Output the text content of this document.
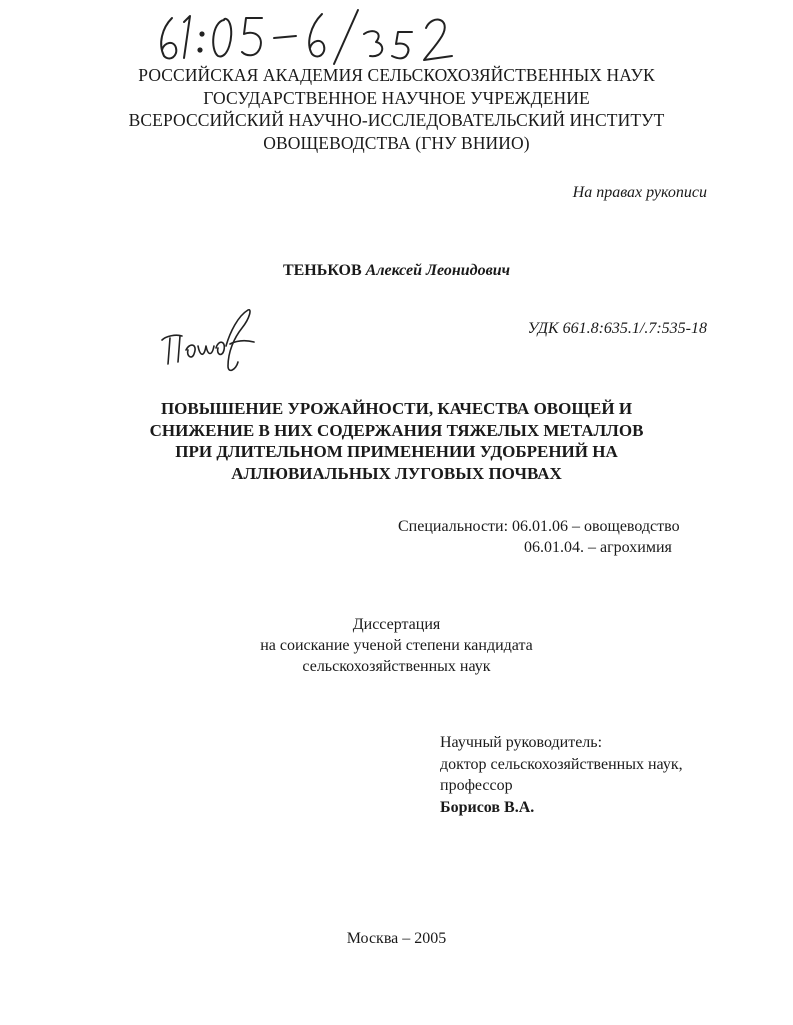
РОССИЙСКАЯ АКАДЕМИЯ СЕЛЬСКОХОЗЯЙСТВЕННЫХ НАУК
ГОСУДАРСТВЕННОЕ НАУЧНОЕ УЧРЕЖДЕНИЕ
ВСЕРОССИЙСКИЙ НАУЧНО-ИССЛЕДОВАТЕЛЬСКИЙ ИНСТИТУТ
ОВОЩЕВОДСТВА (ГНУ ВНИИО)
На правах рукописи
ТЕНЬКОВ Алексей Леонидович
УДК 661.8:635.1/.7:535-18
ПОВЫШЕНИЕ УРОЖАЙНОСТИ, КАЧЕСТВА ОВОЩЕЙ И
СНИЖЕНИЕ В НИХ СОДЕРЖАНИЯ ТЯЖЕЛЫХ МЕТАЛЛОВ
ПРИ ДЛИТЕЛЬНОМ ПРИМЕНЕНИИ УДОБРЕНИЙ НА
АЛЛЮВИАЛЬНЫХ ЛУГОВЫХ ПОЧВАХ
Специальности: 06.01.06 – овощеводство
06.01.04. – агрохимия
Диссертация
на соискание ученой степени кандидата
сельскохозяйственных наук
Научный руководитель:
доктор сельскохозяйственных наук,
профессор
Борисов В.А.
Москва – 2005
